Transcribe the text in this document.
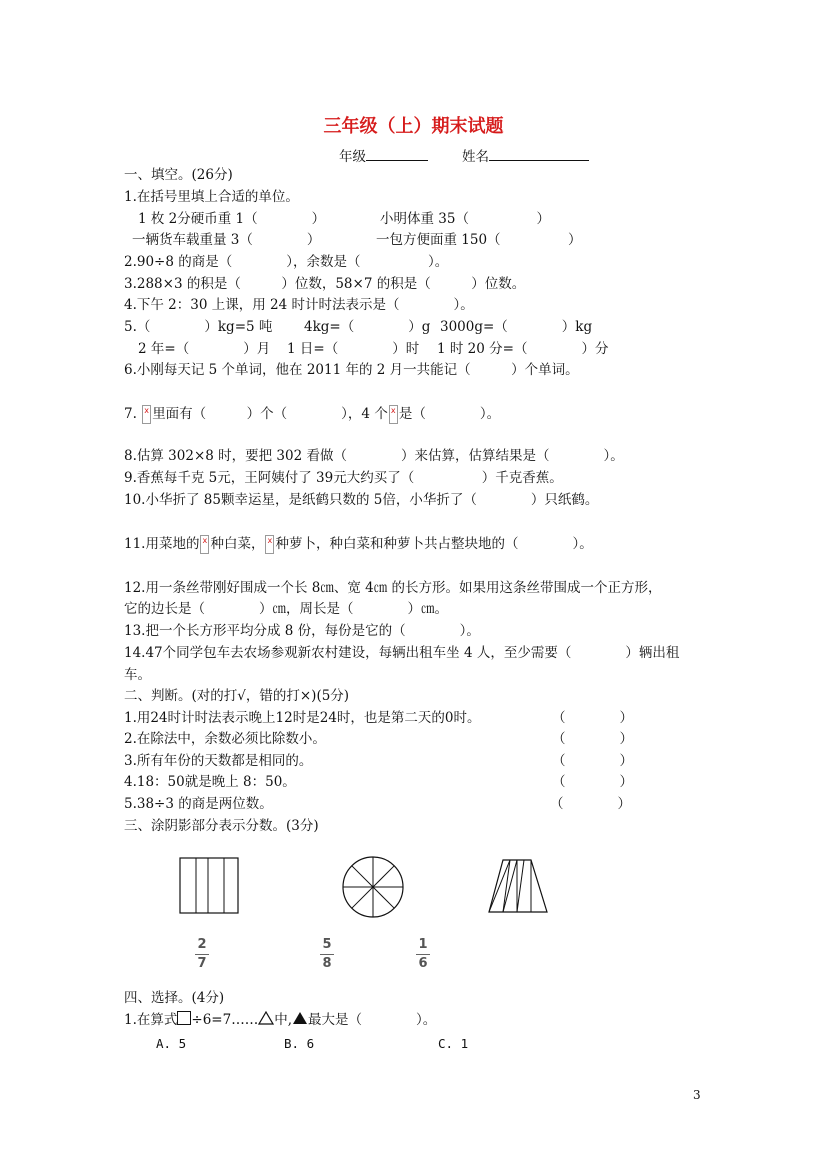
三年级（上）期末试题
年级	姓名
一、填空。(26分)
1.在括号里填上合适的单位。
1 枚 2分硬币重 1（　　　　）	小明体重 35（　　　　　）
一辆货车载重量 3（　　　　）	一包方便面重 150（　　　　　）
2.90÷8 的商是（　　　　），余数是（　　　　　）。
3.288×3 的积是（　　　）位数，58×7 的积是（　　　）位数。
4.下午 2：30 上课，用 24 时计时法表示是（　　　　）。
5.（　　　　）kg=5 吨 4kg=（　　　　）g 3000g=（　　　　）kg
2 年=（　　　　）月 1 日=（　　　　）时 1 时 20 分=（　　　　）分
6.小刚每天记 5 个单词，他在 2011 年的 2 月一共能记（　　　）个单词。
7. x 里面有（　　　）个（　　　　），4 个 x 是（　　　　）。
8.估算 302×8 时，要把 302 看做（　　　　）来估算，估算结果是（　　　　）。
9.香蕉每千克 5元，王阿姨付了 39元大约买了（　　　　　）千克香蕉。
10.小华折了 85颗幸运星，是纸鹤只数的 5倍，小华折了（　　　　）只纸鹤。
11.用菜地的 x 种白菜， x 种萝卜，种白菜和种萝卜共占整块地的（　　　　）。
12.用一条丝带刚好围成一个长 8㎝、宽 4㎝ 的长方形。如果用这条丝带围成一个正方形，
它的边长是（　　　　）㎝，周长是（　　　　）㎝。
13.把一个长方形平均分成 8 份，每份是它的（　　　　）。
14.47个同学包车去农场参观新农村建设，每辆出租车坐 4 人，至少需要（　　　　）辆出租
车。
二、判断。(对的打√，错的打×)(5分)
1.用24时计时法表示晚上12时是24时，也是第二天的0时。	（　　　　）
2.在除法中，余数必须比除数小。	（　　　　）
3.所有年份的天数都是相同的。	（　　　　）
4.18：50就是晚上 8：50。	（　　　　）
5.38÷3 的商是两位数。	（　　　　）
三、涂阴影部分表示分数。(3分)
2
7
5
8
1
6
四、选择。(4分)
1.在算式 ÷6=7…… 中, 最大是（　　　　）。
A. 5	B. 6	C. 1
3
